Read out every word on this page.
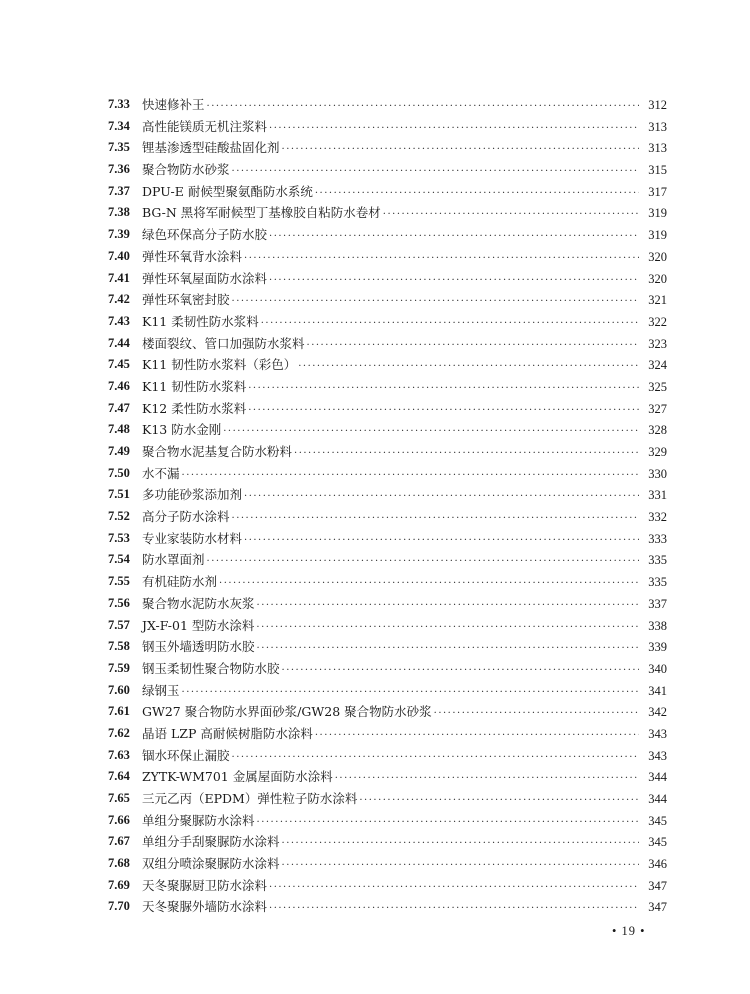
7.33 快速修补王 ·····	312
7.34 高性能镁质无机注浆料 ·····	313
7.35 锂基渗透型硅酸盐固化剂 ·····	313
7.36 聚合物防水砂浆 ·····	315
7.37 DPU-E 耐候型聚氨酯防水系统 ·····	317
7.38 BG-N 黑将军耐候型丁基橡胶自粘防水卷材 ·····	319
7.39 绿色环保高分子防水胶 ·····	319
7.40 弹性环氧背水涂料 ·····	320
7.41 弹性环氧屋面防水涂料 ·····	320
7.42 弹性环氧密封胶 ·····	321
7.43 K11 柔韧性防水浆料 ·····	322
7.44 楼面裂纹、管口加强防水浆料 ·····	323
7.45 K11 韧性防水浆料（彩色） ·····	324
7.46 K11 韧性防水浆料 ·····	325
7.47 K12 柔性防水浆料 ·····	327
7.48 K13 防水金刚 ·····	328
7.49 聚合物水泥基复合防水粉料 ·····	329
7.50 水不漏 ·····	330
7.51 多功能砂浆添加剂 ·····	331
7.52 高分子防水涂料 ·····	332
7.53 专业家装防水材料 ·····	333
7.54 防水罩面剂 ·····	335
7.55 有机硅防水剂 ·····	335
7.56 聚合物水泥防水灰浆 ·····	337
7.57 JX-F-01 型防水涂料 ·····	338
7.58 钢玉外墙透明防水胶 ·····	339
7.59 钢玉柔韧性聚合物防水胶 ·····	340
7.60 绿钢玉 ·····	341
7.61 GW27 聚合物防水界面砂浆/GW28 聚合物防水砂浆 ·····	342
7.62 晶语 LZP 高耐候树脂防水涂料 ·····	343
7.63 锢水环保止漏胶 ·····	343
7.64 ZYTK-WM701 金属屋面防水涂料 ·····	344
7.65 三元乙丙（EPDM）弹性粒子防水涂料 ·····	344
7.66 单组分聚脲防水涂料 ·····	345
7.67 单组分手刮聚脲防水涂料 ·····	345
7.68 双组分喷涂聚脲防水涂料 ·····	346
7.69 天冬聚脲厨卫防水涂料 ·····	347
7.70 天冬聚脲外墙防水涂料 ·····	347
• 19 •
